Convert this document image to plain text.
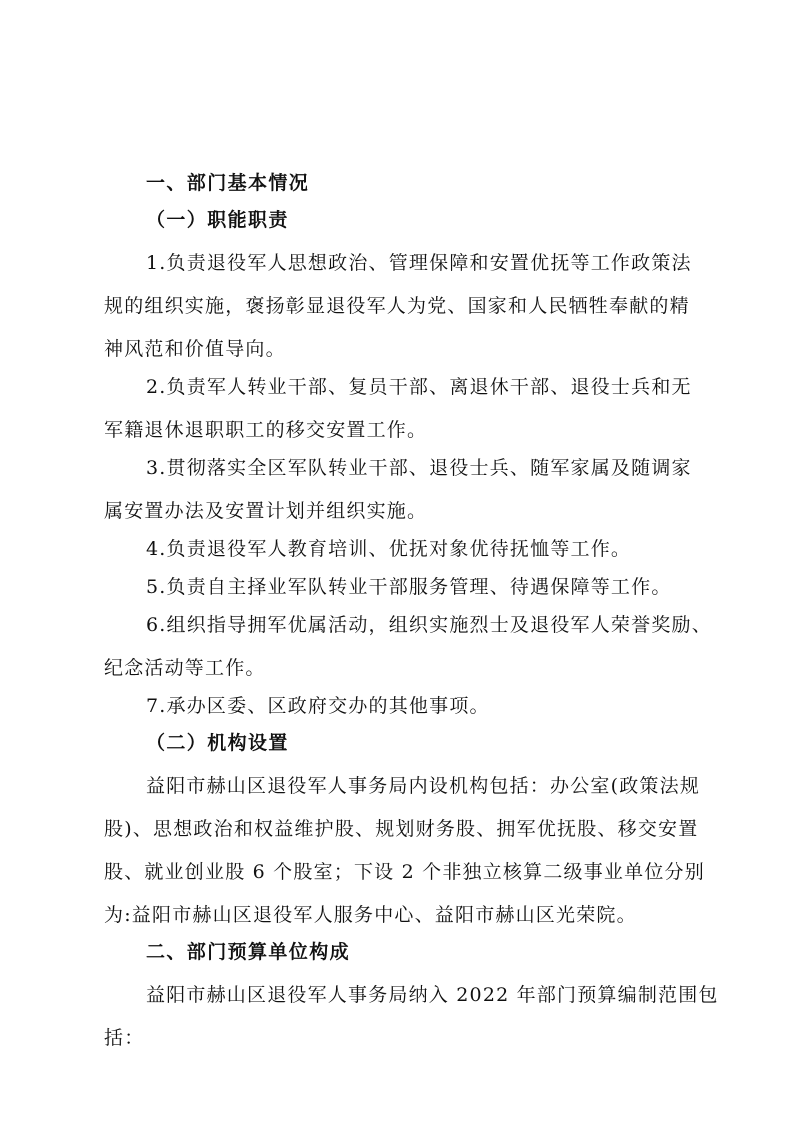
一、部门基本情况
（一）职能职责
1.负责退役军人思想政治、管理保障和安置优抚等工作政策法
规的组织实施，褒扬彰显退役军人为党、国家和人民牺牲奉献的精
神风范和价值导向。
2.负责军人转业干部、复员干部、离退休干部、退役士兵和无
军籍退休退职职工的移交安置工作。
3.贯彻落实全区军队转业干部、退役士兵、随军家属及随调家
属安置办法及安置计划并组织实施。
4.负责退役军人教育培训、优抚对象优待抚恤等工作。
5.负责自主择业军队转业干部服务管理、待遇保障等工作。
6.组织指导拥军优属活动，组织实施烈士及退役军人荣誉奖励、
纪念活动等工作。
7.承办区委、区政府交办的其他事项。
（二）机构设置
益阳市赫山区退役军人事务局内设机构包括：办公室(政策法规
股)、思想政治和权益维护股、规划财务股、拥军优抚股、移交安置
股、就业创业股 6 个股室；下设 2 个非独立核算二级事业单位分别
为:益阳市赫山区退役军人服务中心、益阳市赫山区光荣院。
二、部门预算单位构成
益阳市赫山区退役军人事务局纳入 2022 年部门预算编制范围包
括：
